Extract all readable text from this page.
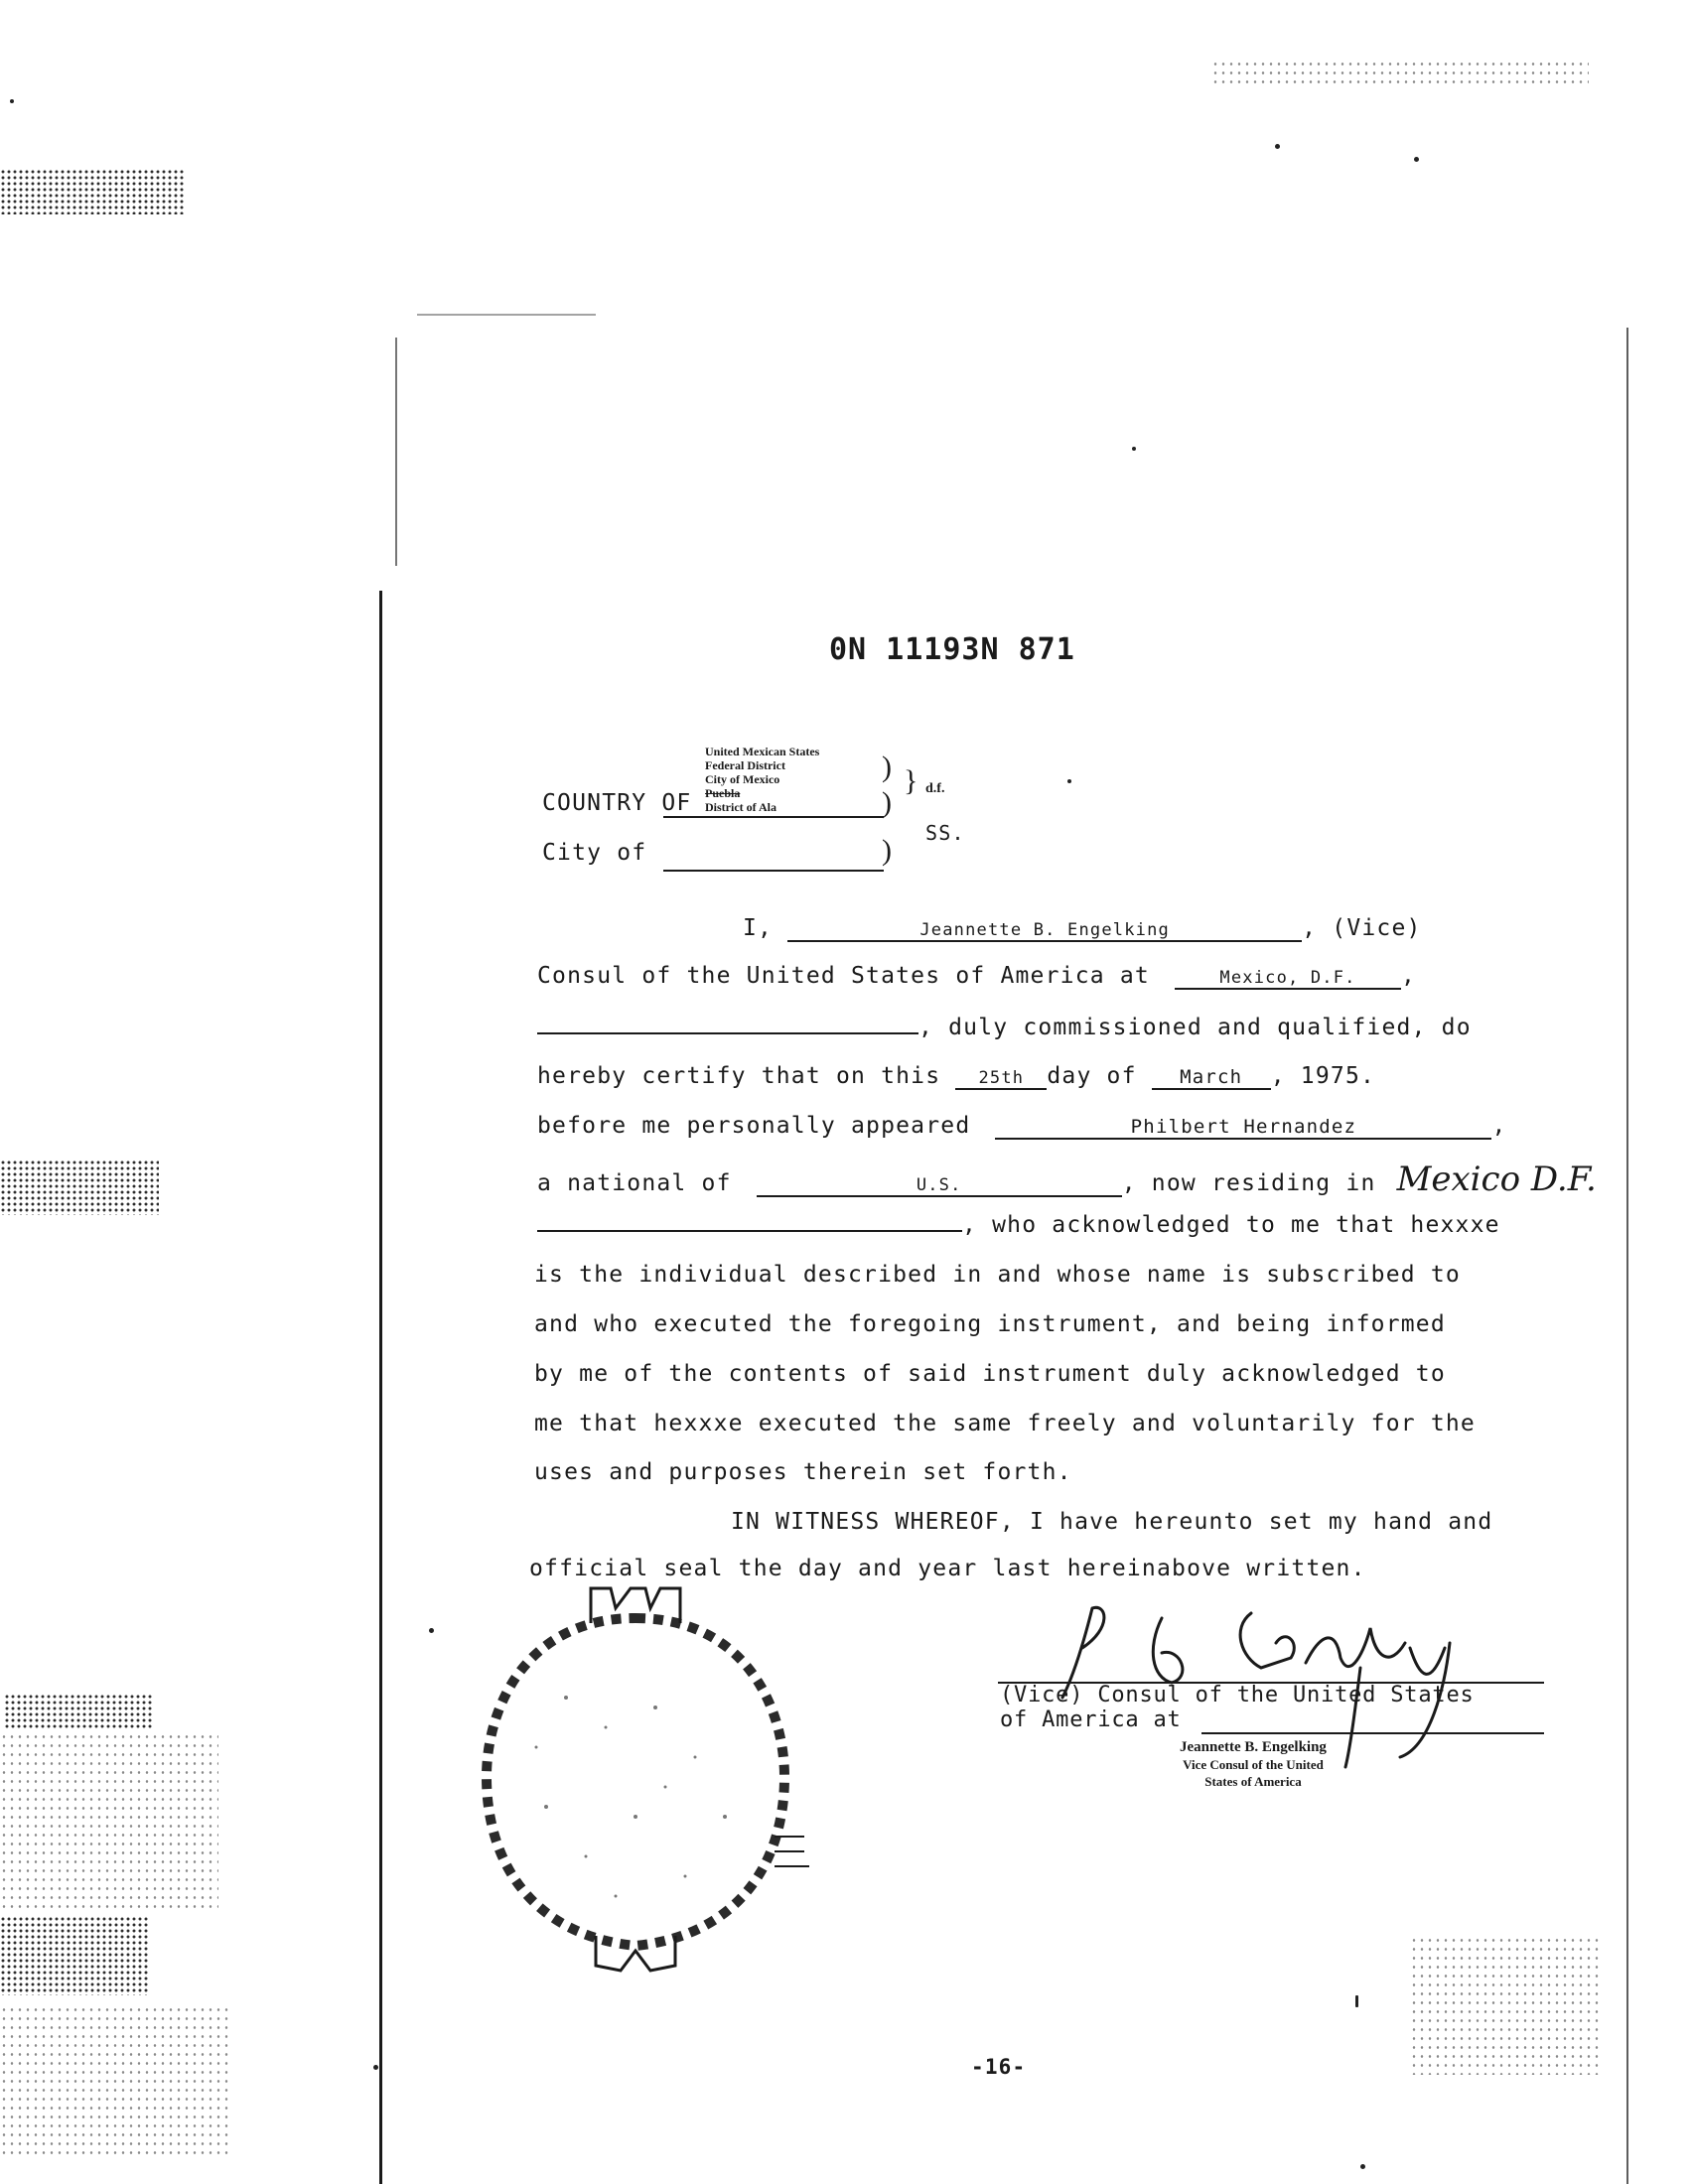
0N 11193N 871
COUNTRY OF
City of
United Mexican States
Federal District
City of Mexico
Puebla
District of Ala
)
)
)
} d.f.
SS.
I,	Jeannette B. Engelking	, (Vice)
Consul of the United States of America at	Mexico, D.F. ,
, duly commissioned and qualified, do
hereby certify that on this 25th day of March , 1975.
before me personally appeared	Philbert Hernandez	,
a national of	U.S.	, now residing in Mexico D.F.
, who acknowledged to me that hexxxe
is the individual described in and whose name is subscribed to
and who executed the foregoing instrument, and being informed
by me of the contents of said instrument duly acknowledged to
me that hexxxe executed the same freely and voluntarily for the
uses and purposes therein set forth.
IN WITNESS WHEREOF, I have hereunto set my hand and
official seal the day and year last hereinabove written.
(Vice) Consul of the United States
of America at
Jeannette B. Engelking
Vice Consul of the United
States of America
-16-
